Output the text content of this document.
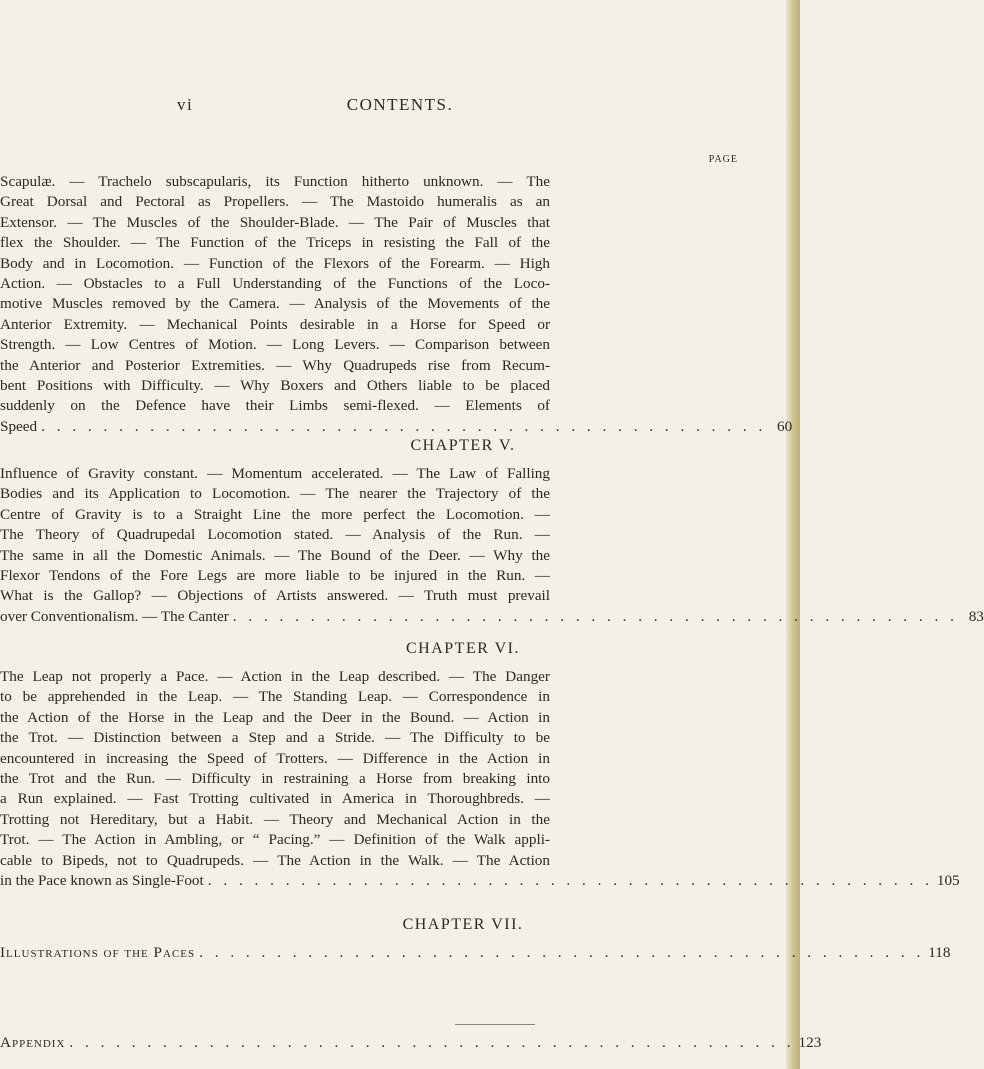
vi	CONTENTS.
PAGE
Scapulæ. — Trachelo subscapularis, its Function hitherto unknown. — The
Great Dorsal and Pectoral as Propellers. — The Mastoido humeralis as an
Extensor. — The Muscles of the Shoulder-Blade. — The Pair of Muscles that
flex the Shoulder. — The Function of the Triceps in resisting the Fall of the
Body and in Locomotion. — Function of the Flexors of the Forearm. — High
Action. — Obstacles to a Full Understanding of the Functions of the Loco-
motive Muscles removed by the Camera. — Analysis of the Movements of the
Anterior Extremity. — Mechanical Points desirable in a Horse for Speed or
Strength. — Low Centres of Motion. — Long Levers. — Comparison between
the Anterior and Posterior Extremities. — Why Quadrupeds rise from Recum-
bent Positions with Difficulty. — Why Boxers and Others liable to be placed
suddenly on the Defence have their Limbs semi-flexed. — Elements of
Speed . . . . . . . . . . . . . . . . . . . . . . . . . . . . . . . . . . . . . . . . . . . . . . . 60
CHAPTER V.
Influence of Gravity constant. — Momentum accelerated. — The Law of Falling
Bodies and its Application to Locomotion. — The nearer the Trajectory of the
Centre of Gravity is to a Straight Line the more perfect the Locomotion. —
The Theory of Quadrupedal Locomotion stated. — Analysis of the Run. —
The same in all the Domestic Animals. — The Bound of the Deer. — Why the
Flexor Tendons of the Fore Legs are more liable to be injured in the Run. —
What is the Gallop? — Objections of Artists answered. — Truth must prevail
over Conventionalism. — The Canter . . . . . . . . . . . . . . . . . . . . . . . . . . . . . . . . . . . . . . . . . . . . . . . 83
CHAPTER VI.
The Leap not properly a Pace. — Action in the Leap described. — The Danger
to be apprehended in the Leap. — The Standing Leap. — Correspondence in
the Action of the Horse in the Leap and the Deer in the Bound. — Action in
the Trot. — Distinction between a Step and a Stride. — The Difficulty to be
encountered in increasing the Speed of Trotters. — Difference in the Action in
the Trot and the Run. — Difficulty in restraining a Horse from breaking into
a Run explained. — Fast Trotting cultivated in America in Thoroughbreds. —
Trotting not Hereditary, but a Habit. — Theory and Mechanical Action in the
Trot. — The Action in Ambling, or “ Pacing.” — Definition of the Walk appli-
cable to Bipeds, not to Quadrupeds. — The Action in the Walk. — The Action
in the Pace known as Single-Foot . . . . . . . . . . . . . . . . . . . . . . . . . . . . . . . . . . . . . . . . . . . . . . . 105
CHAPTER VII.
Illustrations of the Paces . . . . . . . . . . . . . . . . . . . . . . . . . . . . . . . . . . . . . . . . . . . . . . . 118
Appendix . . . . . . . . . . . . . . . . . . . . . . . . . . . . . . . . . . . . . . . . . . . . . . . 123
